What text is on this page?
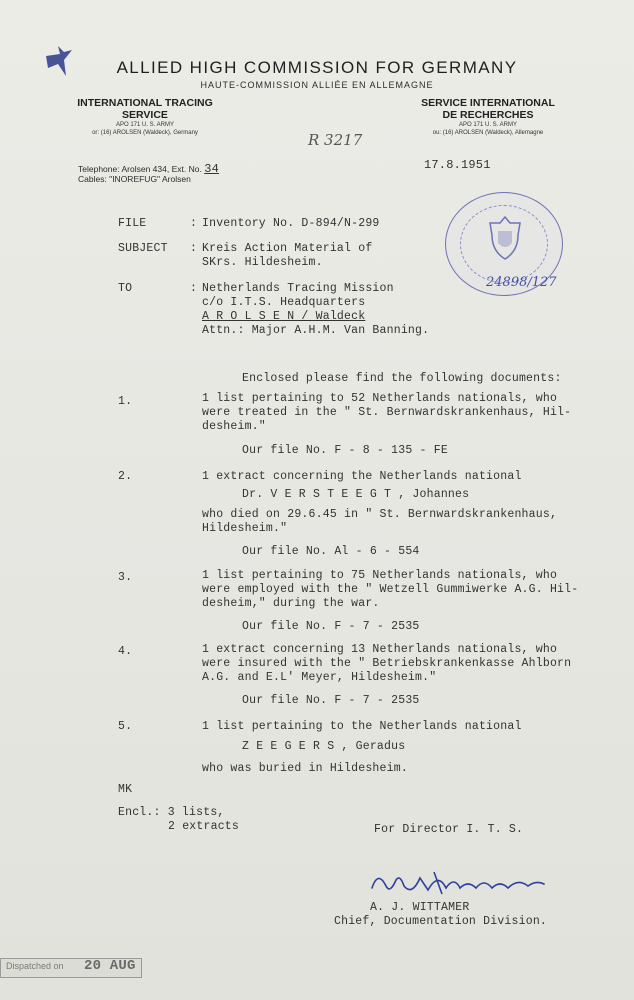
ALLIED HIGH COMMISSION FOR GERMANY
HAUTE-COMMISSION ALLIÉE EN ALLEMAGNE
INTERNATIONAL TRACING
SERVICE
APO 171 U. S. ARMY
or: (16) AROLSEN (Waldeck), Germany
SERVICE INTERNATIONAL
DE RECHERCHES
APO 171 U. S. ARMY
ou: (16) AROLSEN (Waldeck), Allemagne
R 3217
Telephone: Arolsen 434, Ext. No. 34
Cables: "INOREFUG" Arolsen
17.8.1951
24898/127
FILE	: Inventory No. D-894/N-299
SUBJECT : Kreis Action Material of
SKrs. Hildesheim.
TO	: Netherlands Tracing Mission
c/o I.T.S. Headquarters
A R O L S E N / Waldeck
Attn.: Major A.H.M. Van Banning.
Enclosed please find the following documents:
1.	1 list pertaining to 52 Netherlands nationals, who
were treated in the " St. Bernwardskrankenhaus, Hil-
desheim."
Our file No. F - 8 - 135 - FE
2.	1 extract concerning the Netherlands national
Dr. V E R S T E E G T , Johannes
who died on 29.6.45 in " St. Bernwardskrankenhaus,
Hildesheim."
Our file No. Al - 6 - 554
3.	1 list pertaining to 75 Netherlands nationals, who
were employed with the " Wetzell Gummiwerke A.G. Hil-
desheim," during the war.
Our file No. F - 7 - 2535
4.	1 extract concerning 13 Netherlands nationals, who
were insured with the " Betriebskrankenkasse Ahlborn
A.G. and E.L' Meyer, Hildesheim."
Our file No. F - 7 - 2535
5.	1 list pertaining to the Netherlands national
Z E E G E R S , Geradus
who was buried in Hildesheim.
MK
Encl.: 3 lists,
2 extracts	For Director I. T. S.
A. J. WITTAMER
Chief, Documentation Division.
Dispatched on 20 AUG
